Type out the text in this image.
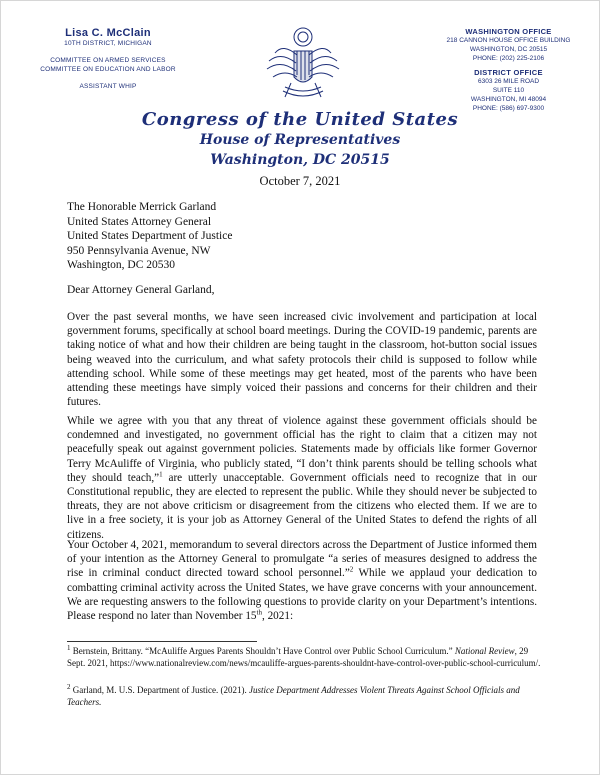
Lisa C. McClain
10TH DISTRICT, MICHIGAN
COMMITTEE ON ARMED SERVICES
COMMITTEE ON EDUCATION AND LABOR
ASSISTANT WHIP
WASHINGTON OFFICE
218 CANNON HOUSE OFFICE BUILDING
WASHINGTON, DC 20515
PHONE: (202) 225-2106
DISTRICT OFFICE
6303 26 MILE ROAD
SUITE 110
WASHINGTON, MI 48094
PHONE: (586) 697-9300
Congress of the United States
House of Representatives
Washington, DC 20515
October 7, 2021
The Honorable Merrick Garland
United States Attorney General
United States Department of Justice
950 Pennsylvania Avenue, NW
Washington, DC 20530
Dear Attorney General Garland,
Over the past several months, we have seen increased civic involvement and participation at local government forums, specifically at school board meetings. During the COVID-19 pandemic, parents are taking notice of what and how their children are being taught in the classroom, hot-button social issues being weaved into the curriculum, and what safety protocols their child is supposed to follow while attending school. While some of these meetings may get heated, most of the parents who have been attending these meetings have simply voiced their passions and concerns for their children and their futures.
While we agree with you that any threat of violence against these government officials should be condemned and investigated, no government official has the right to claim that a citizen may not peacefully speak out against government policies. Statements made by officials like former Governor Terry McAuliffe of Virginia, who publicly stated, “I don’t think parents should be telling schools what they should teach,”$^1$ are utterly unacceptable. Government officials need to recognize that in our Constitutional republic, they are elected to represent the public. While they should never be subjected to threats, they are not above criticism or disagreement from the citizens who elected them. If we are to live in a free society, it is your job as Attorney General of the United States to defend the rights of all citizens.
Your October 4, 2021, memorandum to several directors across the Department of Justice informed them of your intention as the Attorney General to promulgate “a series of measures designed to address the rise in criminal conduct directed toward school personnel.”$^2$ While we applaud your dedication to combatting criminal activity across the United States, we have grave concerns with your announcement. We are requesting answers to the following questions to provide clarity on your Department’s intentions. Please respond no later than November 15th, 2021:
$^1$ Bernstein, Brittany. “McAuliffe Argues Parents Shouldn’t Have Control over Public School Curriculum.” National Review, 29 Sept. 2021, https://www.nationalreview.com/news/mcauliffe-argues-parents-shouldnt-have-control-over-public-school-curriculum/.
$^2$ Garland, M. U.S. Department of Justice. (2021). Justice Department Addresses Violent Threats Against School Officials and Teachers.
